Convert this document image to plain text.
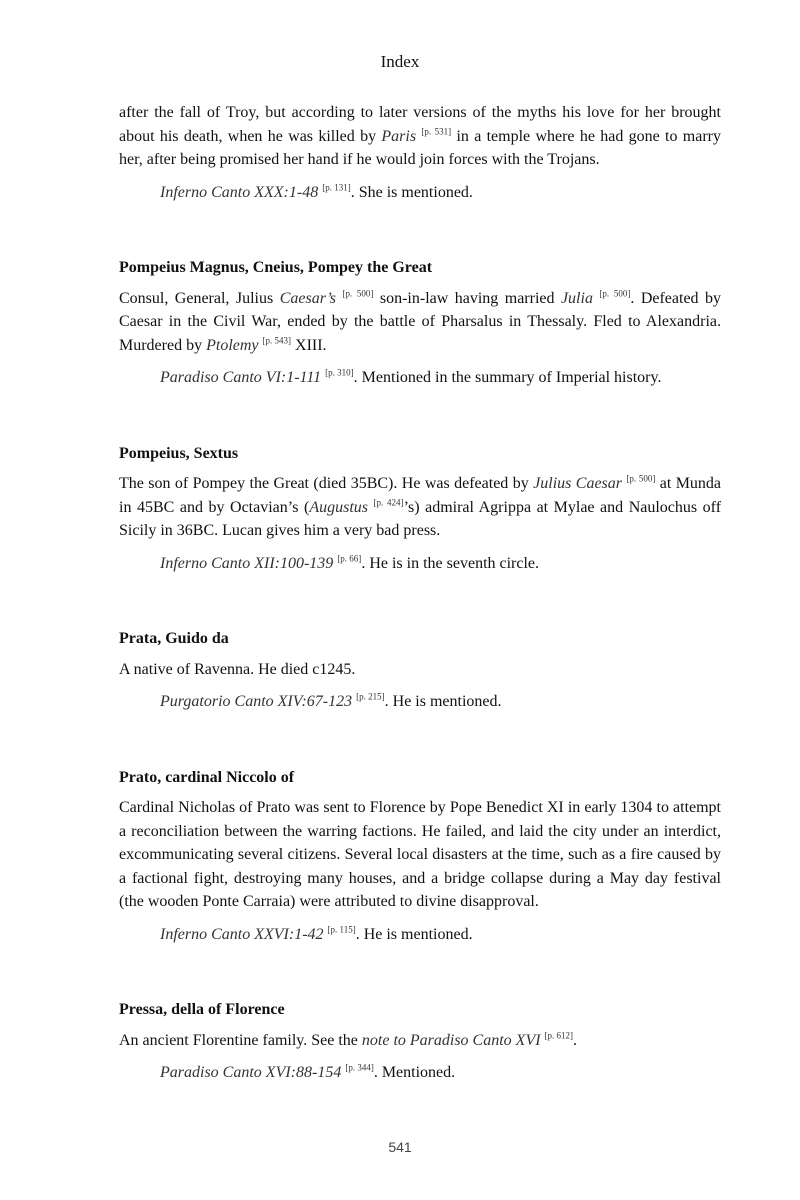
Index

after the fall of Troy, but according to later versions of the myths his love for her brought about his death, when he was killed by Paris [p. 531] in a temple where he had gone to marry her, after being promised her hand if he would join forces with the Trojans.

Inferno Canto XXX:1-48 [p. 131]. She is mentioned.

Pompeius Magnus, Cneius, Pompey the Great

Consul, General, Julius Caesar’s [p. 500] son-in-law having married Julia [p. 500]. Defeated by Caesar in the Civil War, ended by the battle of Pharsalus in Thessaly. Fled to Alexandria. Murdered by Ptolemy [p. 543] XIII.

Paradiso Canto VI:1-111 [p. 310]. Mentioned in the summary of Imperial history.

Pompeius, Sextus

The son of Pompey the Great (died 35BC). He was defeated by Julius Caesar [p. 500] at Munda in 45BC and by Octavian’s (Augustus [p. 424]’s) admiral Agrippa at Mylae and Naulochus off Sicily in 36BC. Lucan gives him a very bad press.

Inferno Canto XII:100-139 [p. 66]. He is in the seventh circle.

Prata, Guido da

A native of Ravenna. He died c1245.

Purgatorio Canto XIV:67-123 [p. 215]. He is mentioned.

Prato, cardinal Niccolo of

Cardinal Nicholas of Prato was sent to Florence by Pope Benedict XI in early 1304 to attempt a reconciliation between the warring factions. He failed, and laid the city under an interdict, excommunicating several citizens. Several local disasters at the time, such as a fire caused by a factional fight, destroying many houses, and a bridge collapse during a May day festival (the wooden Ponte Carraia) were attributed to divine disapproval.

Inferno Canto XXVI:1-42 [p. 115]. He is mentioned.

Pressa, della of Florence

An ancient Florentine family. See the note to Paradiso Canto XVI [p. 612].

Paradiso Canto XVI:88-154 [p. 344]. Mentioned.

541
